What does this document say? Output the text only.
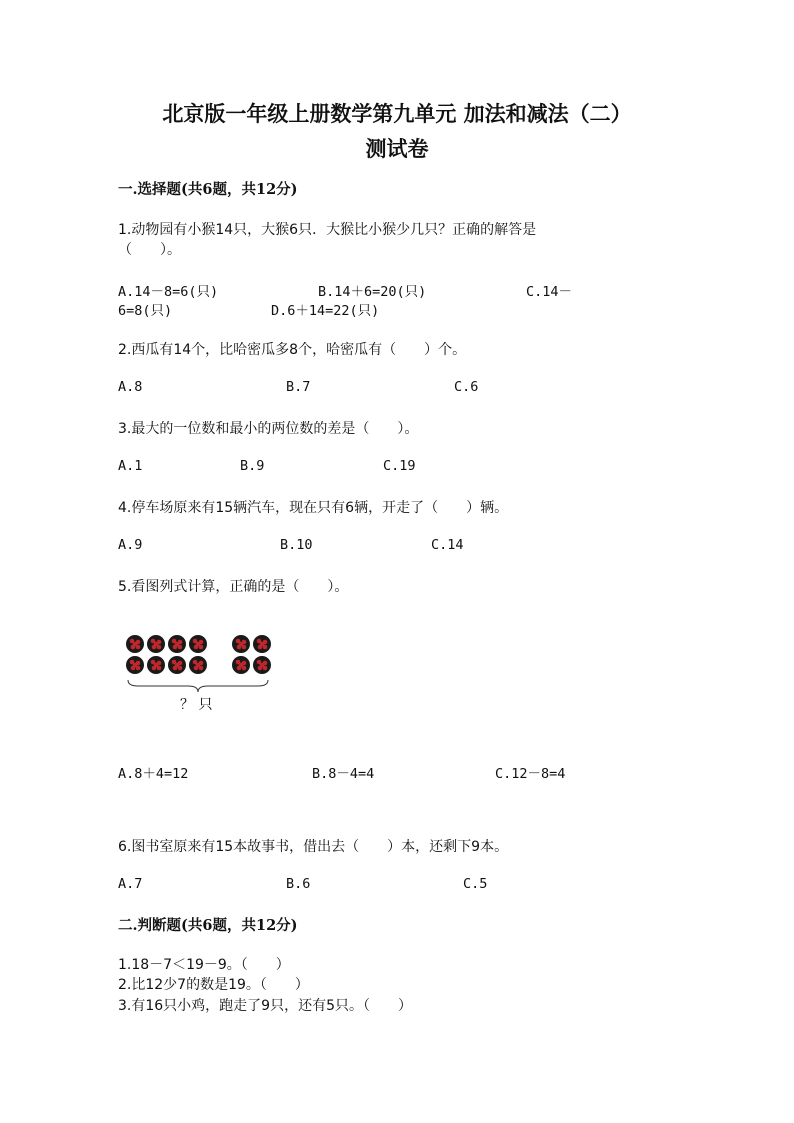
北京版一年级上册数学第九单元 加法和减法（二）
测试卷
一.选择题(共6题，共12分)
1.动物园有小猴14只，大猴6只．大猴比小猴少几只？正确的解答是
（　　）。
A.14－8=6(只)	B.14＋6=20(只)	C.14－
6=8(只)	D.6＋14=22(只)
2.西瓜有14个，比哈密瓜多8个，哈密瓜有（　　）个。
A.8	B.7	C.6
3.最大的一位数和最小的两位数的差是（　　）。
A.1	B.9	C.19
4.停车场原来有15辆汽车，现在只有6辆，开走了（　　）辆。
A.9	B.10	C.14
5.看图列式计算，正确的是（　　）。
？ 只
A.8＋4=12	B.8－4=4	C.12－8=4
6.图书室原来有15本故事书，借出去（　　）本，还剩下9本。
A.7	B.6	C.5
二.判断题(共6题，共12分)
1.18－7＜19－9。（　　）
2.比12少7的数是19。（　　）
3.有16只小鸡，跑走了9只，还有5只。（　　）
